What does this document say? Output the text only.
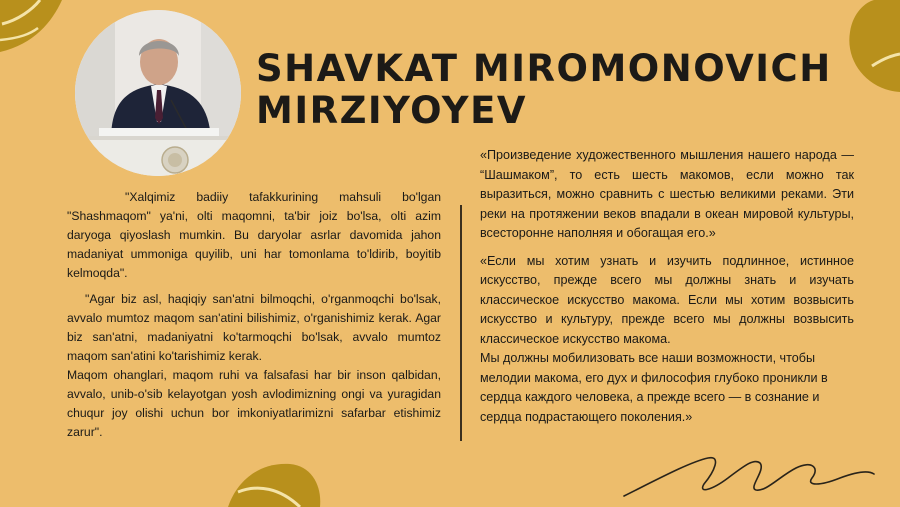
SHAVKAT MIROMONOVICH
MIRZIYOYEV

"Xalqimiz badiiy tafakkurining mahsuli bo'lgan "Shashmaqom" ya'ni, olti maqomni, ta'bir joiz bo'lsa, olti azim daryoga qiyoslash mumkin. Bu daryolar asrlar davomida jahon madaniyat ummoniga quyilib, uni har tomonlama to'ldirib, boyitib kelmoqda".

"Agar biz asl, haqiqiy san'atni bilmoqchi, o'rganmoqchi bo'lsak, avvalo mumtoz maqom san'atini bilishimiz, o'rganishimiz kerak. Agar biz san'atni, madaniyatni ko'tarmoqchi bo'lsak, avvalo mumtoz maqom san'atini ko'tarishimiz kerak.

Maqom ohanglari, maqom ruhi va falsafasi har bir inson qalbidan, avvalo, unib-o'sib kelayotgan yosh avlodimizning ongi va yuragidan chuqur joy olishi uchun bor imkoniyatlarimizni safarbar etishimiz zarur".

«Произведение художественного мышления нашего народа — “Шашмаком”, то есть шесть макомов, если можно так выразиться, можно сравнить с шестью великими реками. Эти реки на протяжении веков впадали в океан мировой культуры, всесторонне наполняя и обогащая его.»

«Если мы хотим узнать и изучить подлинное, истинное искусство, прежде всего мы должны знать и изучать классическое искусство макома. Если мы хотим возвысить искусство и культуру, прежде всего мы должны возвысить классическое искусство макома.

Мы должны мобилизовать все наши возможности, чтобы мелодии макома, его дух и философия глубоко проникли в сердца каждого человека, а прежде всего — в сознание и сердца подрастающего поколения.»
